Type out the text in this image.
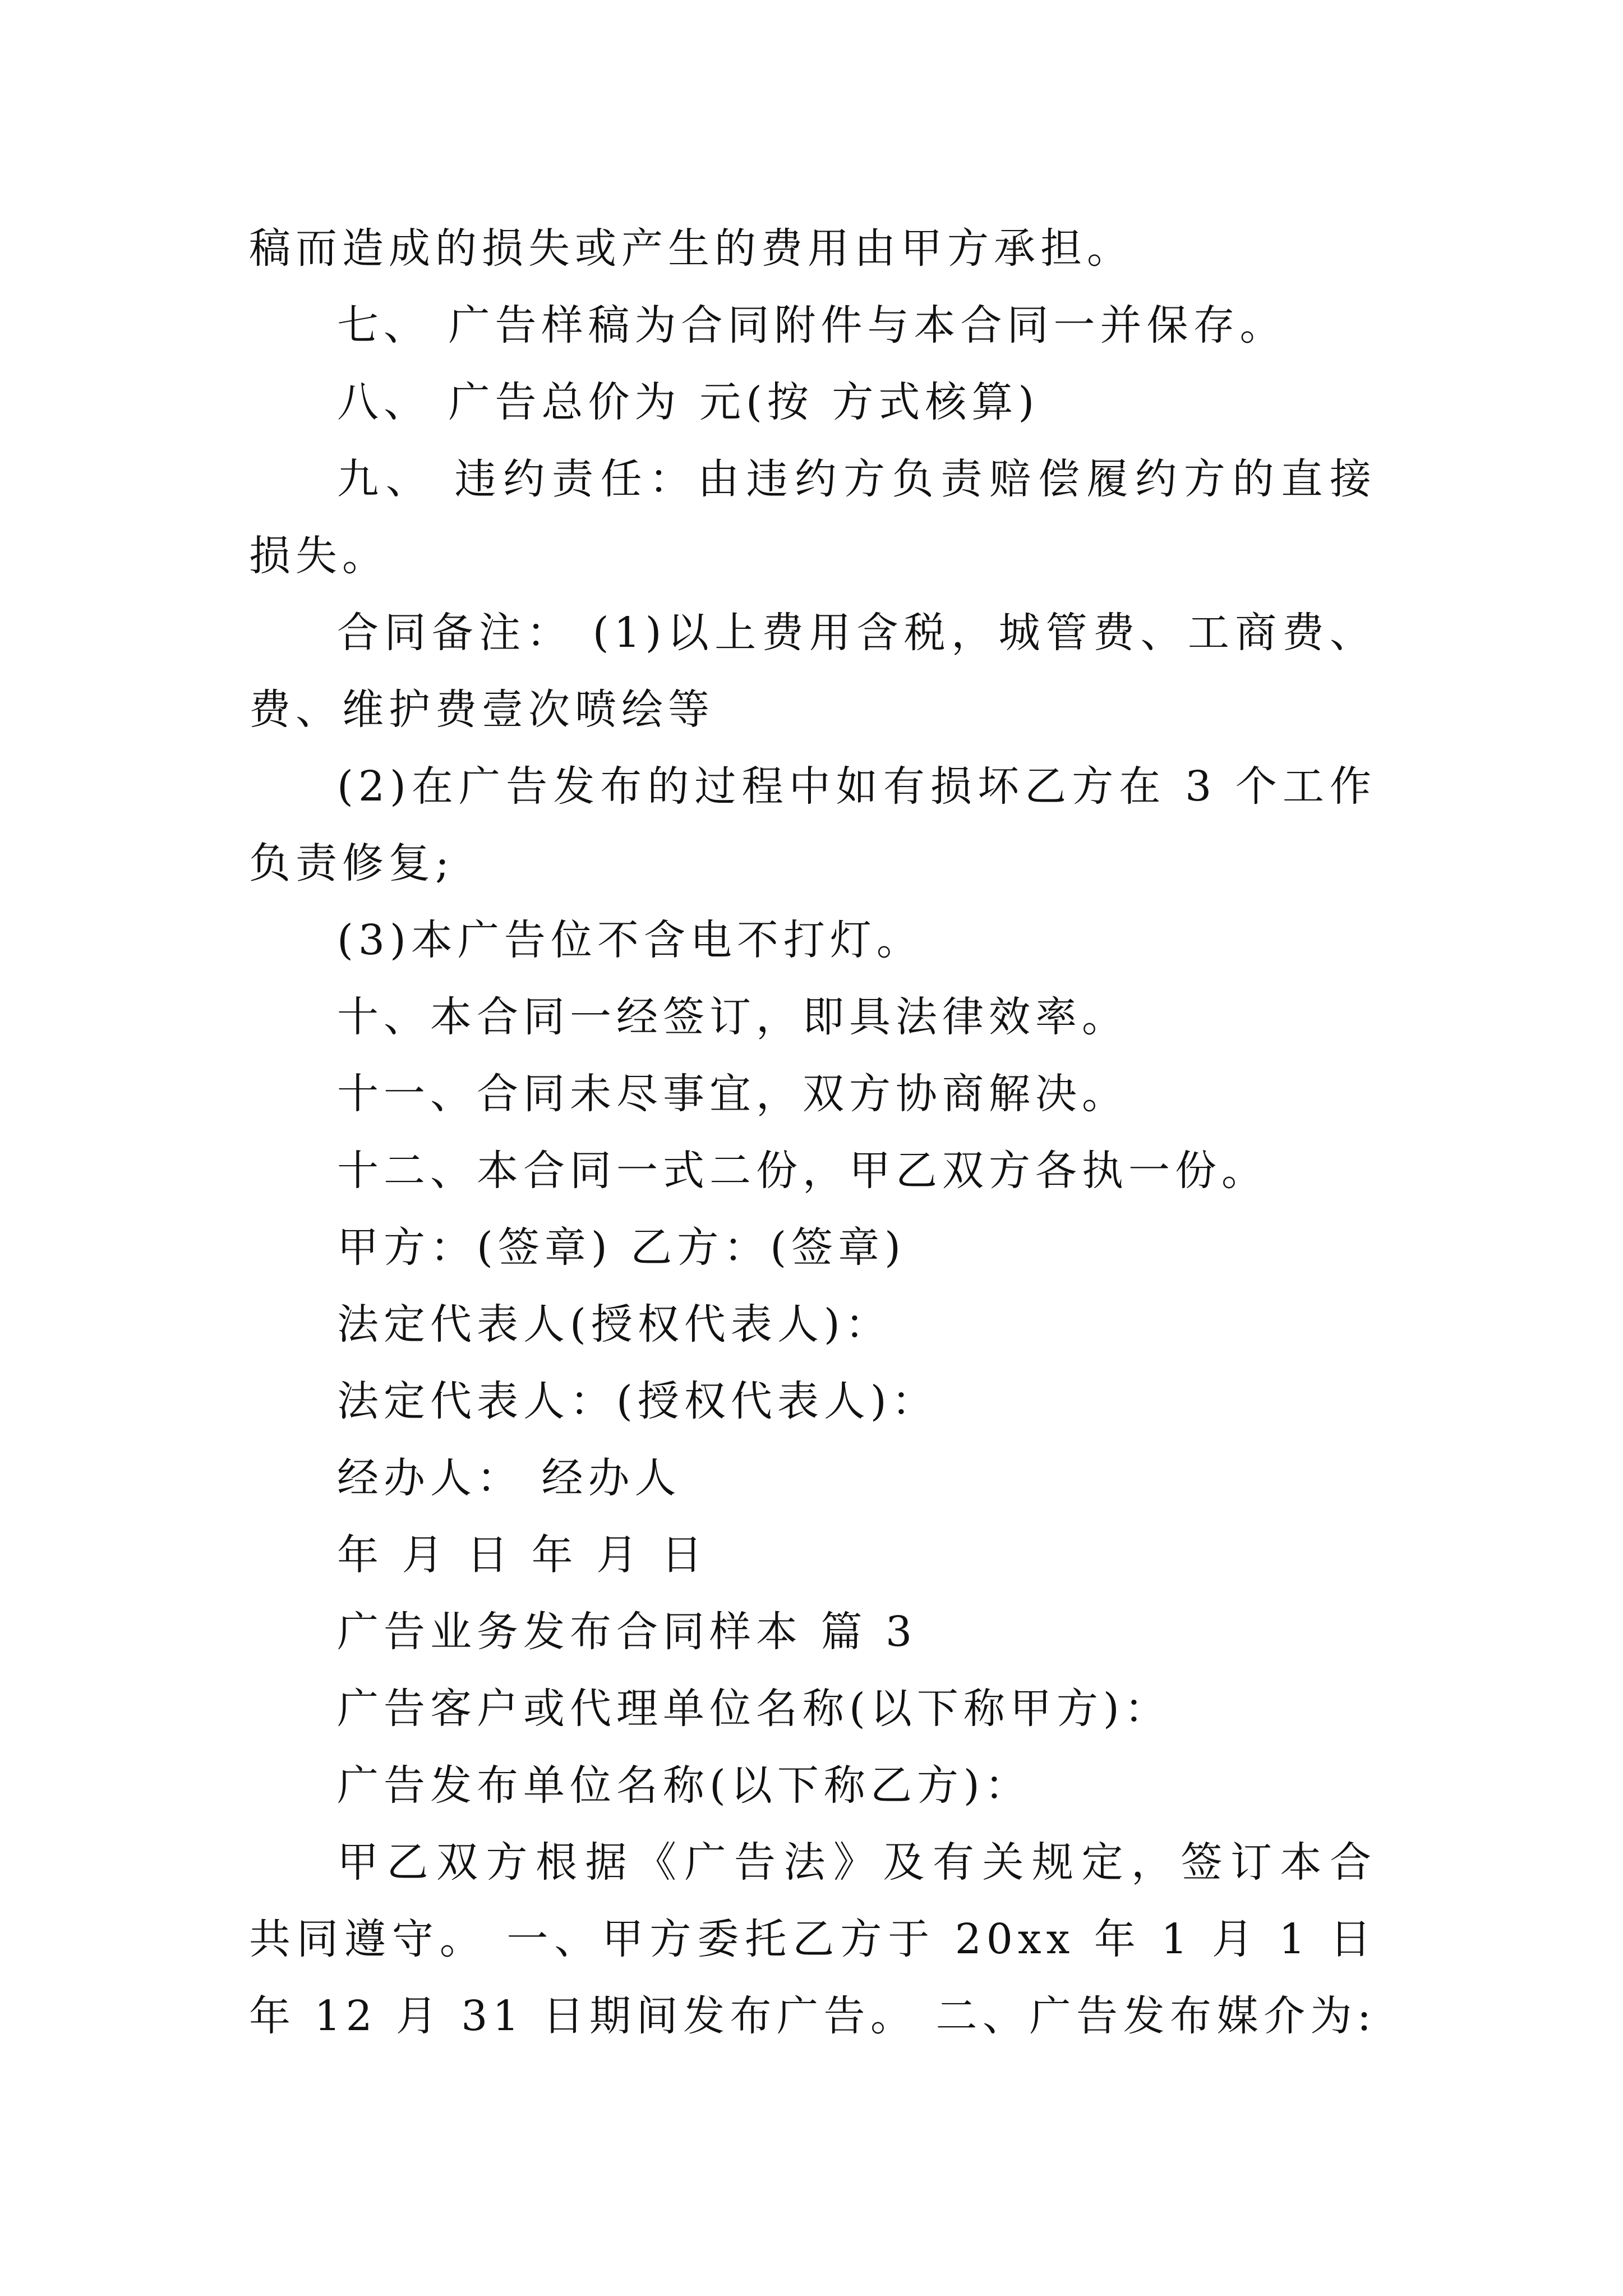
稿而造成的损失或产生的费用由甲方承担。
七、 广告样稿为合同附件与本合同一并保存。
八、 广告总价为 元(按 方式核算)
九、 违约责任：由违约方负责赔偿履约方的直接
损失。
合同备注： (1)以上费用含税，城管费、工商费、
费、维护费壹次喷绘等
(2)在广告发布的过程中如有损坏乙方在 3 个工作
负责修复;
(3)本广告位不含电不打灯。
十、本合同一经签订，即具法律效率。
十一、合同未尽事宜，双方协商解决。
十二、本合同一式二份，甲乙双方各执一份。
甲方：(签章) 乙方：(签章)
法定代表人(授权代表人)：
法定代表人：(授权代表人)：
经办人： 经办人
年 月 日 年 月 日
广告业务发布合同样本 篇 3
广告客户或代理单位名称(以下称甲方)：
广告发布单位名称(以下称乙方)：
甲乙双方根据《广告法》及有关规定，签订本合
共同遵守。 一、甲方委托乙方于 20xx 年 1 月 1 日
年 12 月 31 日期间发布广告。 二、广告发布媒介为:
